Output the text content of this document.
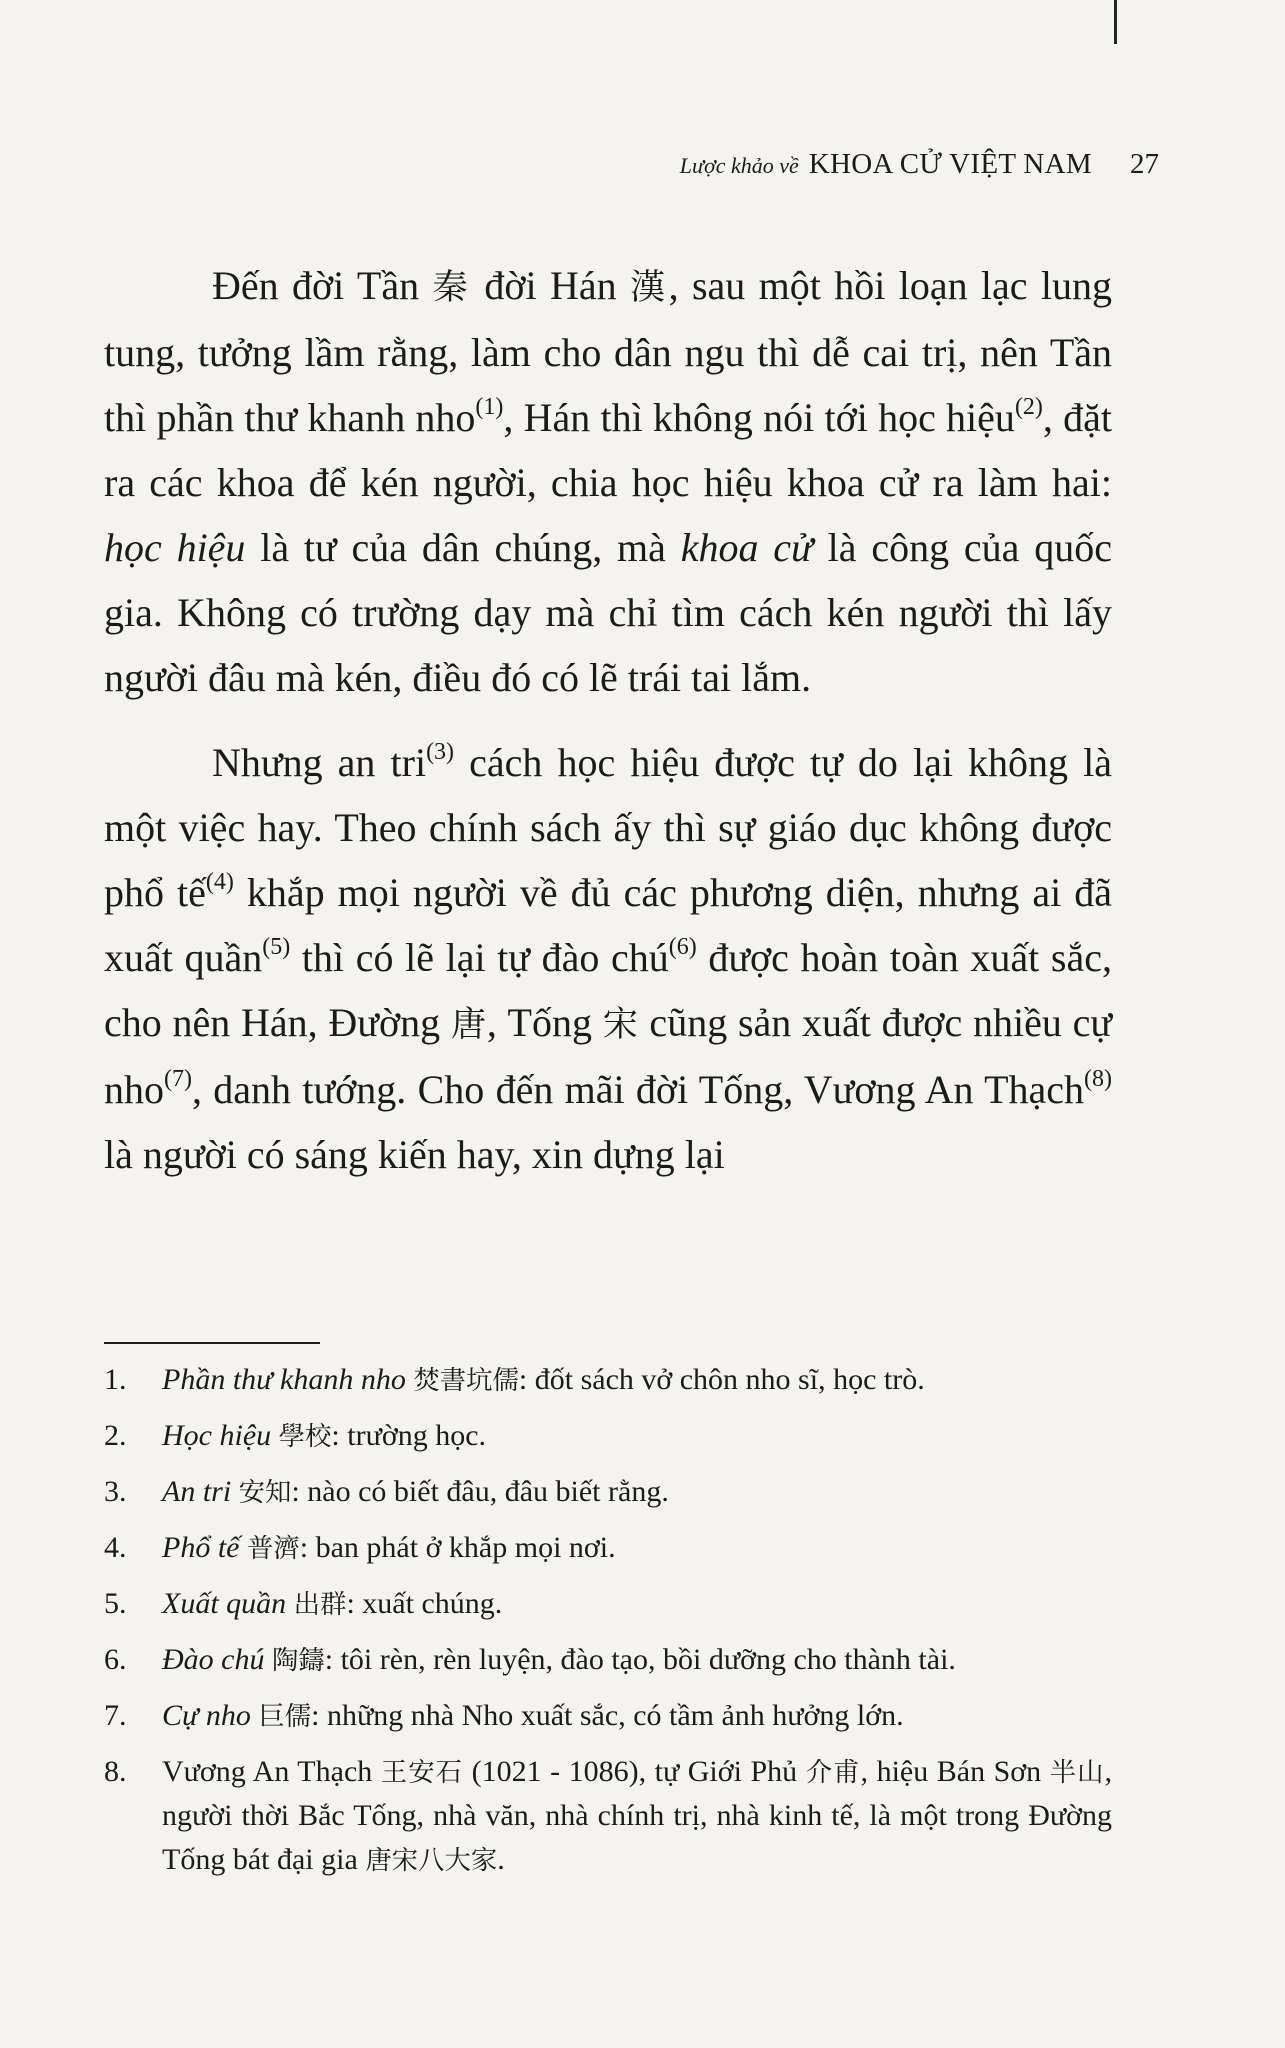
Lược khảo về KHOA CỬ VIỆT NAM 27

Đến đời Tần 秦 đời Hán 漢, sau một hồi loạn lạc lung tung, tưởng lầm rằng, làm cho dân ngu thì dễ cai trị, nên Tần thì phần thư khanh nho$^{(1)}$, Hán thì không nói tới học hiệu$^{(2)}$, đặt ra các khoa để kén người, chia học hiệu khoa cử ra làm hai: học hiệu là tư của dân chúng, mà khoa cử là công của quốc gia. Không có trường dạy mà chỉ tìm cách kén người thì lấy người đâu mà kén, điều đó có lẽ trái tai lắm.

Nhưng an tri$^{(3)}$ cách học hiệu được tự do lại không là một việc hay. Theo chính sách ấy thì sự giáo dục không được phổ tế$^{(4)}$ khắp mọi người về đủ các phương diện, nhưng ai đã xuất quần$^{(5)}$ thì có lẽ lại tự đào chú$^{(6)}$ được hoàn toàn xuất sắc, cho nên Hán, Đường 唐, Tống 宋 cũng sản xuất được nhiều cự nho$^{(7)}$, danh tướng. Cho đến mãi đời Tống, Vương An Thạch$^{(8)}$ là người có sáng kiến hay, xin dựng lại

1.	Phần thư khanh nho 焚書坑儒: đốt sách vở chôn nho sĩ, học trò.
2.	Học hiệu 學校: trường học.
3.	An tri 安知: nào có biết đâu, đâu biết rằng.
4.	Phổ tế 普濟: ban phát ở khắp mọi nơi.
5.	Xuất quần 出群: xuất chúng.
6.	Đào chú 陶鑄: tôi rèn, rèn luyện, đào tạo, bồi dưỡng cho thành tài.
7.	Cự nho 巨儒: những nhà Nho xuất sắc, có tầm ảnh hưởng lớn.
8.	Vương An Thạch 王安石 (1021 - 1086), tự Giới Phủ 介甫, hiệu Bán Sơn 半山, người thời Bắc Tống, nhà văn, nhà chính trị, nhà kinh tế, là một trong Đường Tống bát đại gia 唐宋八大家.
